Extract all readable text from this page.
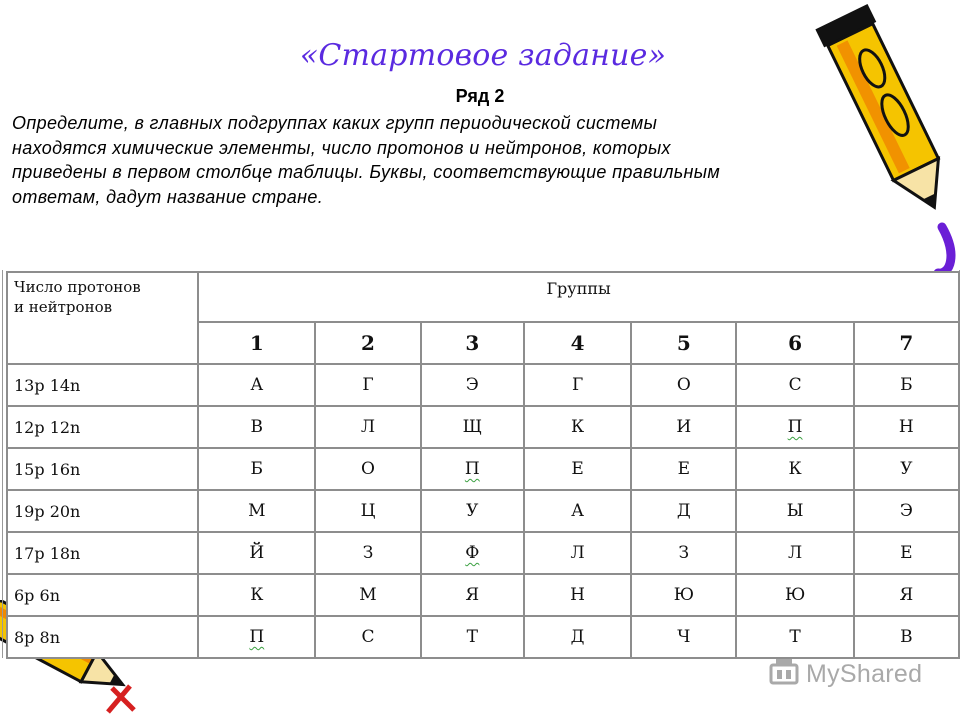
«Стартовое задание»
Ряд 2

Определите, в главных подгруппах каких групп периодической системы
находятся химические элементы, число протонов и нейтронов, которых
приведены в первом столбце таблицы. Буквы, соответствующие правильным
ответам, дадут название стране.

Число протонов
и нейтронов	Группы						
	1	2	3	4	5	6	7
13p 14n	А	Г	Э	Г	О	С	Б
12p 12n	В	Л	Щ	К	И	П	Н
15p 16n	Б	О	П	Е	Е	К	У
19p 20n	М	Ц	У	А	Д	Ы	Э
17p 18n	Й	З	Ф	Л	З	Л	Е
6p 6n	К	М	Я	Н	Ю	Ю	Я
8p 8n	П	С	Т	Д	Ч	Т	В
MyShared
